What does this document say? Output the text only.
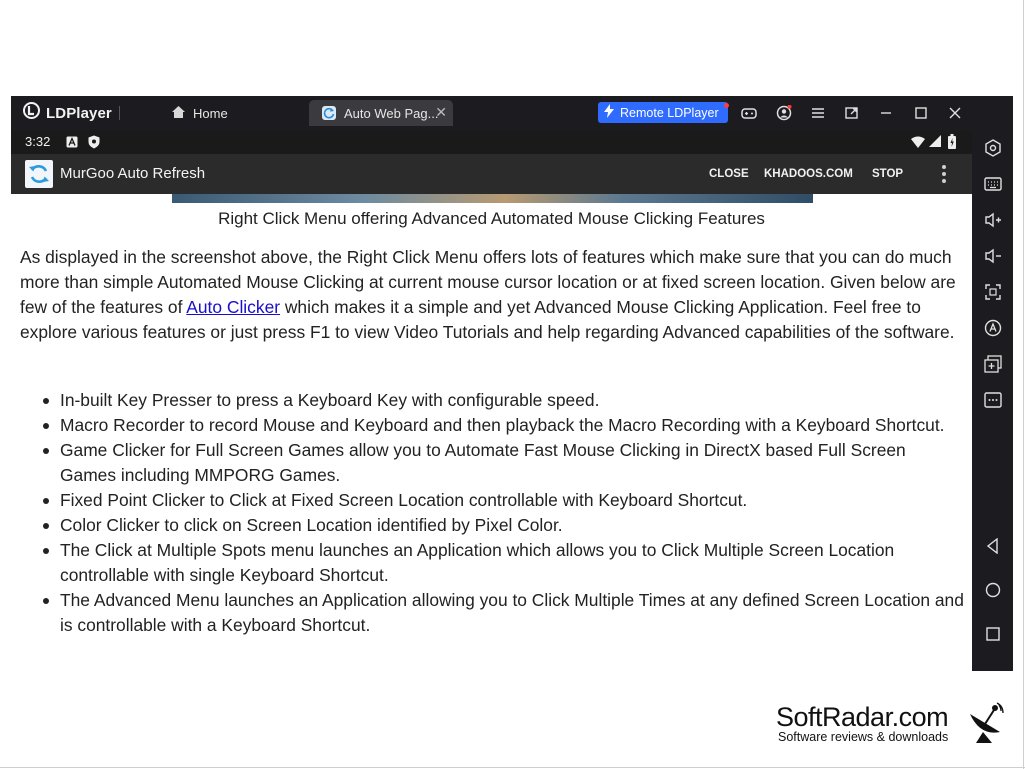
LDPlayer	Home	Auto Web Pag...
✕	Remote LDPlayer
3:32
MurGoo Auto Refresh	CLOSE KHADOOS.COM STOP
Right Click Menu offering Advanced Automated Mouse Clicking Features

As displayed in the screenshot above, the Right Click Menu offers lots of features which make sure that you can do much more than simple Automated Mouse Clicking at current mouse cursor location or at fixed screen location. Given below are few of the features of Auto Clicker which makes it a simple and yet Advanced Mouse Clicking Application. Feel free to explore various features or just press F1 to view Video Tutorials and help regarding Advanced capabilities of the software.

In-built Key Presser to press a Keyboard Key with configurable speed.
Macro Recorder to record Mouse and Keyboard and then playback the Macro Recording with a Keyboard Shortcut.
Game Clicker for Full Screen Games allow you to Automate Fast Mouse Clicking in DirectX based Full Screen Games including MMPORG Games.
Fixed Point Clicker to Click at Fixed Screen Location controllable with Keyboard Shortcut.
Color Clicker to click on Screen Location identified by Pixel Color.
The Click at Multiple Spots menu launches an Application which allows you to Click Multiple Screen Location controllable with single Keyboard Shortcut.
The Advanced Menu launches an Application allowing you to Click Multiple Times at any defined Screen Location and is controllable with a Keyboard Shortcut.
SoftRadar.com
Software reviews & downloads
